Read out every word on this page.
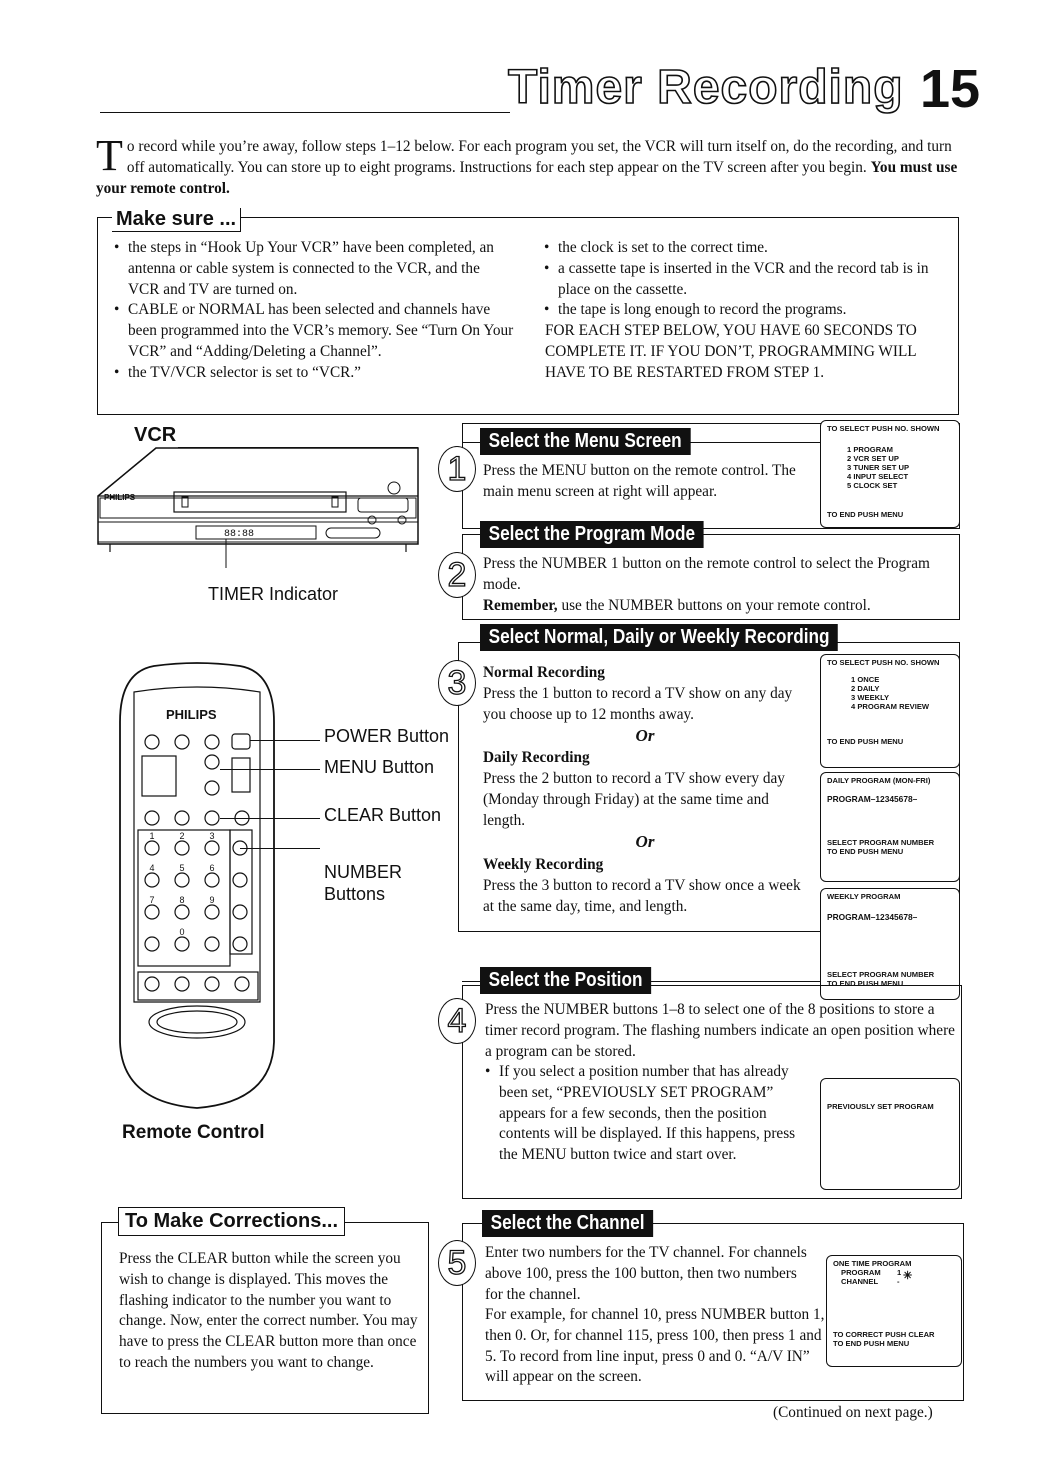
Timer Recording 15
T o record while you’re away, follow steps 1–12 below. For each program you set, the VCR will turn itself on, do the recording, and turn off automatically. You can store up to eight programs. Instructions for each step appear on the TV screen after you begin. You must use your remote control.
Make sure ...
• the steps in “Hook Up Your VCR” have been completed, an antenna or cable system is connected to the VCR, and the VCR and TV are turned on.
• CABLE or NORMAL has been selected and channels have been programmed into the VCR’s memory. See “Turn On Your VCR” and “Adding/Deleting a Channel”.
• the TV/VCR selector is set to “VCR.”
• the clock is set to the correct time.
• a cassette tape is inserted in the VCR and the record tab is in place on the cassette.
• the tape is long enough to record the programs.
FOR EACH STEP BELOW, YOU HAVE 60 SECONDS TO COMPLETE IT. IF YOU DON’T, PROGRAMMING WILL HAVE TO BE RESTARTED FROM STEP 1.
VCR
PHILIPS
88:88
TIMER Indicator
PHILIPS
1	2	3
4	5	6
7	8	9
0
POWER Button
MENU Button
CLEAR Button
NUMBER Buttons
Remote Control
Select the Menu Screen
1	Press the MENU button on the remote control. The main menu screen at right will appear.
TO SELECT PUSH NO. SHOWN
1 PROGRAM
2 VCR SET UP
3 TUNER SET UP
4 INPUT SELECT
5 CLOCK SET
TO END PUSH MENU
Select the Program Mode
2	Press the NUMBER 1 button on the remote control to select the Program mode.
Remember, use the NUMBER buttons on your remote control.
Select Normal, Daily or Weekly Recording
3	Normal Recording
Press the 1 button to record a TV show on any day you choose up to 12 months away.
Or
Daily Recording
Press the 2 button to record a TV show every day (Monday through Friday) at the same time and length.
Or
Weekly Recording
Press the 3 button to record a TV show once a week at the same day, time, and length.
TO SELECT PUSH NO. SHOWN
1 ONCE
2 DAILY
3 WEEKLY
4 PROGRAM REVIEW
TO END PUSH MENU
DAILY PROGRAM (MON-FRI)
PROGRAM–12345678–
SELECT PROGRAM NUMBER
TO END PUSH MENU
WEEKLY PROGRAM
PROGRAM–12345678–
SELECT PROGRAM NUMBER
TO END PUSH MENU
Select the Position
4	Press the NUMBER buttons 1–8 to select one of the 8 positions to store a timer record program. The flashing numbers indicate an open position where a program can be stored.
• If you select a position number that has already been set, “PREVIOUSLY SET PROGRAM” appears for a few seconds, then the position contents will be displayed. If this happens, press the MENU button twice and start over.
PREVIOUSLY SET PROGRAM
To Make Corrections...
Press the CLEAR button while the screen you wish to change is displayed. This moves the flashing indicator to the number you want to change. Now, enter the correct number. You may have to press the CLEAR button more than once to reach the numbers you want to change.
Select the Channel
5	Enter two numbers for the TV channel. For channels above 100, press the 100 button, then two numbers for the channel.
For example, for channel 10, press NUMBER button 1, then 0. Or, for channel 115, press 100, then press 1 and 5. To record from line input, press 0 and 0. “A/V IN” will appear on the screen.
ONE TIME PROGRAM
PROGRAM
CHANNEL
1
- ✳
TO CORRECT PUSH CLEAR
TO END PUSH MENU
(Continued on next page.)
